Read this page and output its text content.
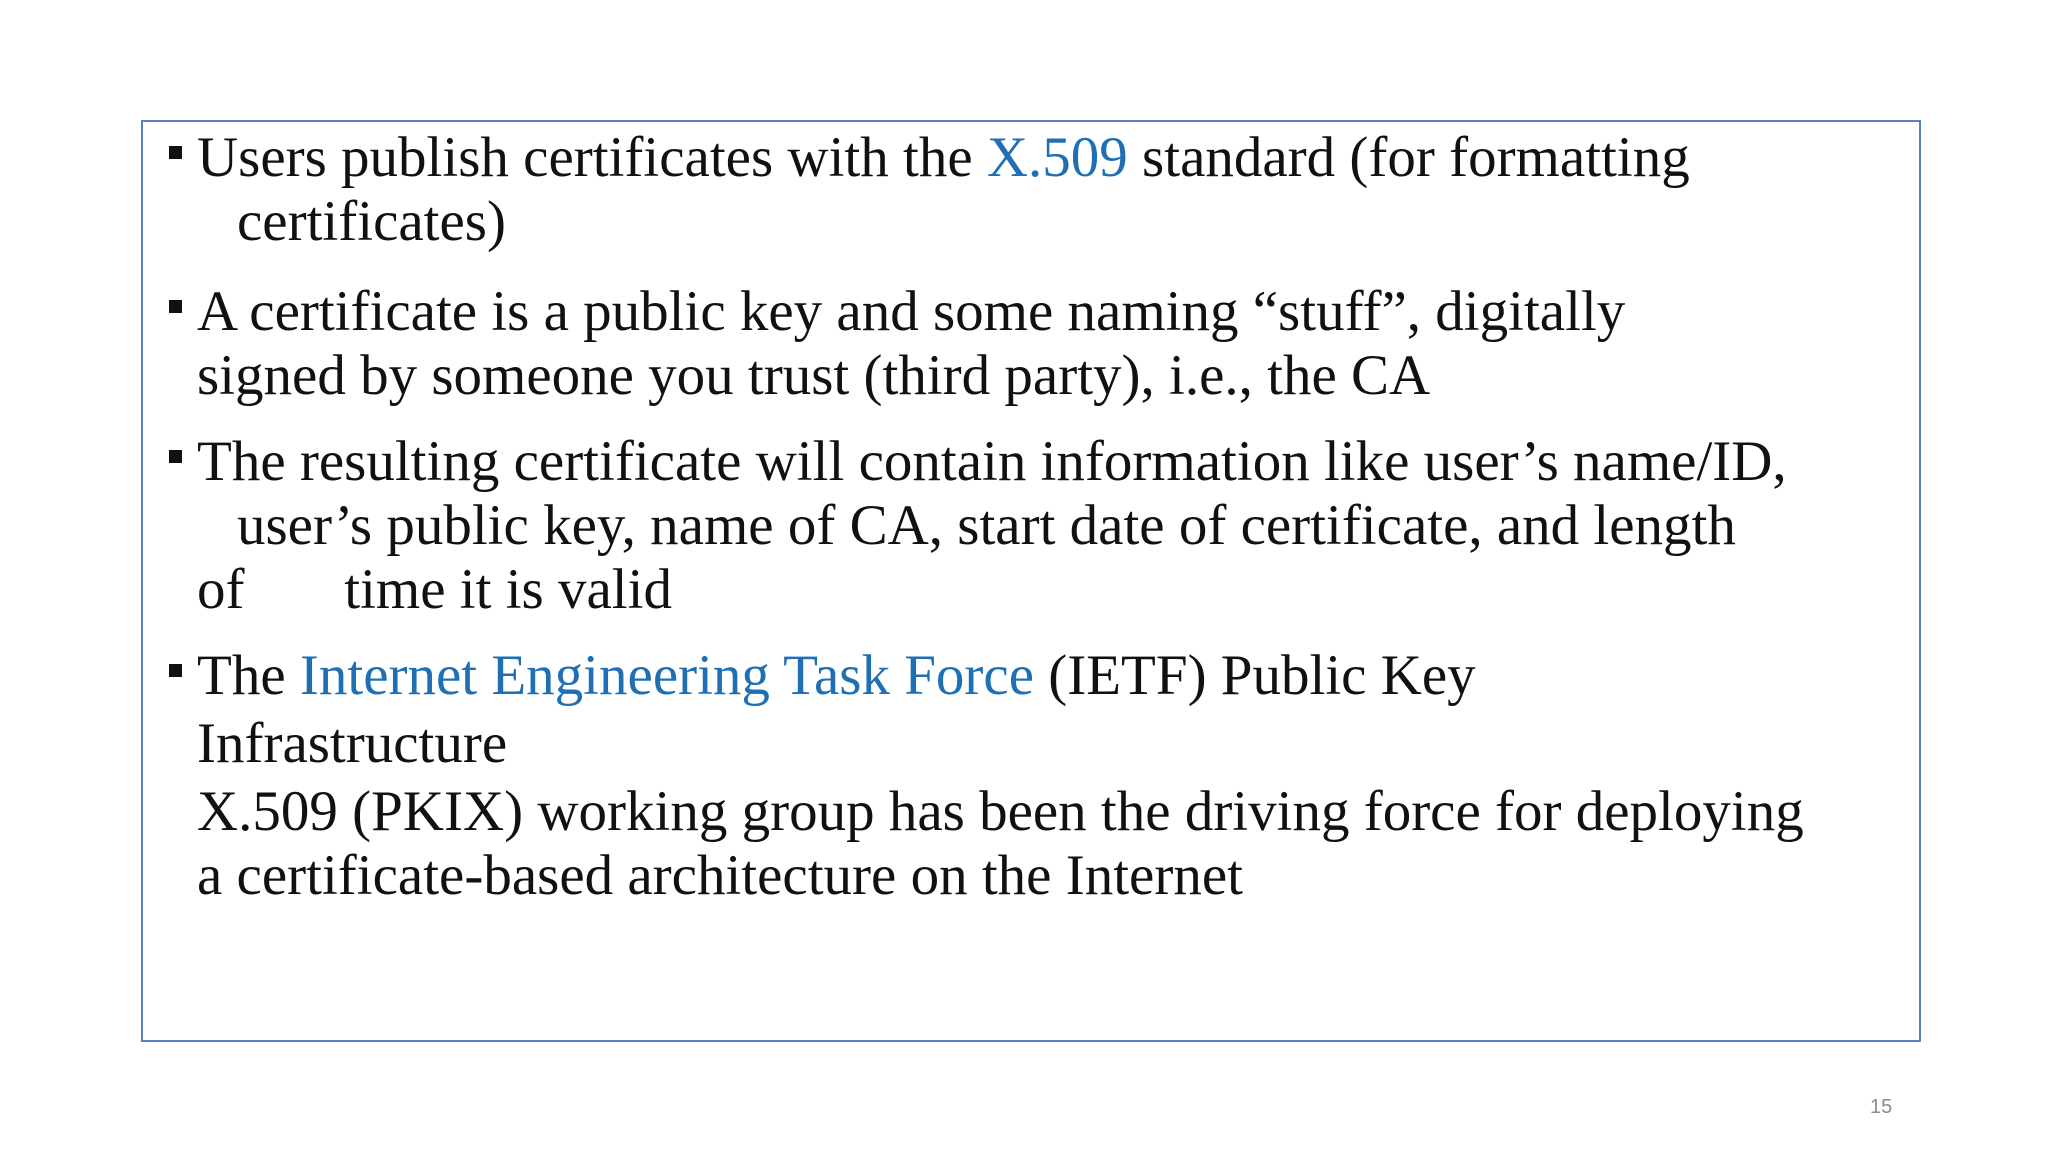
Users publish certificates with the X.509 standard (for formatting
certificates)
A certificate is a public key and some naming “stuff”, digitally
signed by someone you trust (third party), i.e., the CA
The resulting certificate will contain information like user’s name/ID,
user’s public key, name of CA, start date of certificate, and length
of       time it is valid
The Internet Engineering Task Force (IETF) Public Key
Infrastructure
X.509 (PKIX) working group has been the driving force for deploying
a certificate-based architecture on the Internet
15
